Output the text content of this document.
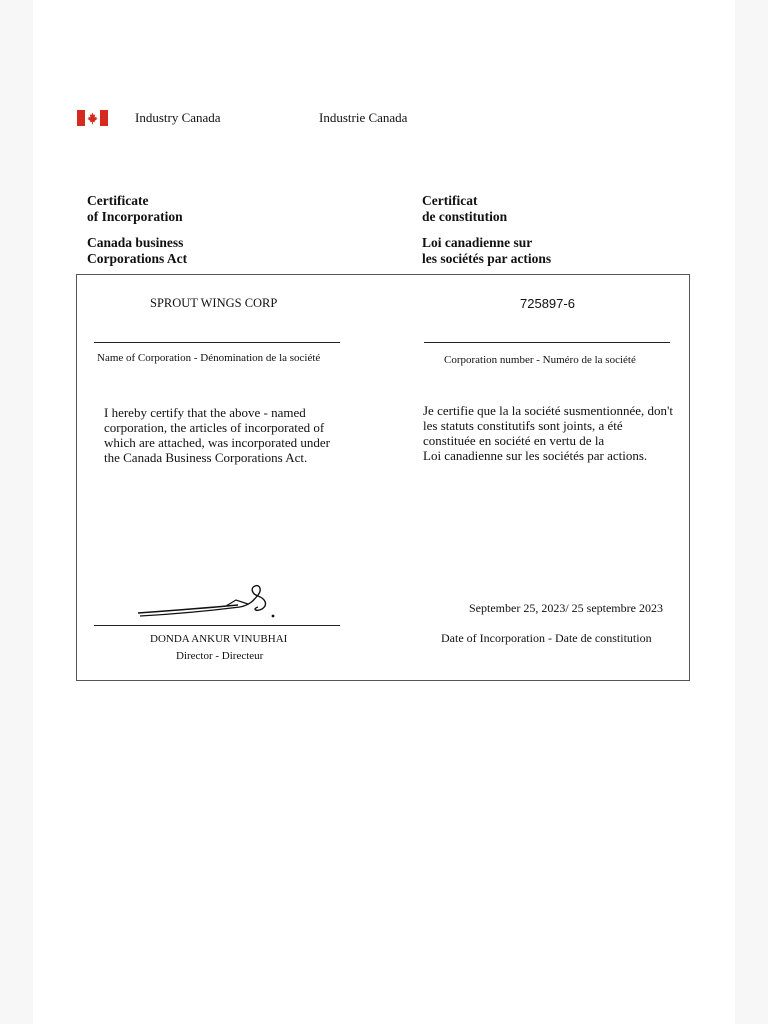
Industry Canada	Industrie Canada
Certificate
of Incorporation
Canada business
Corporations Act
Certificat
de constitution
Loi canadienne sur
les sociétés par actions
SPROUT WINGS CORP
Name of Corporation - Dénomination de la société
725897-6
Corporation number - Numéro de la société
I hereby certify that the above - named
corporation, the articles of incorporated of
which are attached, was incorporated under
the Canada Business Corporations Act.
Je certifie que la la société susmentionnée, don't
les statuts constitutifs sont joints, a été
constituée en société en vertu de la
Loi canadienne sur les sociétés par actions.
DONDA ANKUR VINUBHAI
Director - Directeur
September 25, 2023/ 25 septembre 2023
Date of Incorporation - Date de constitution
